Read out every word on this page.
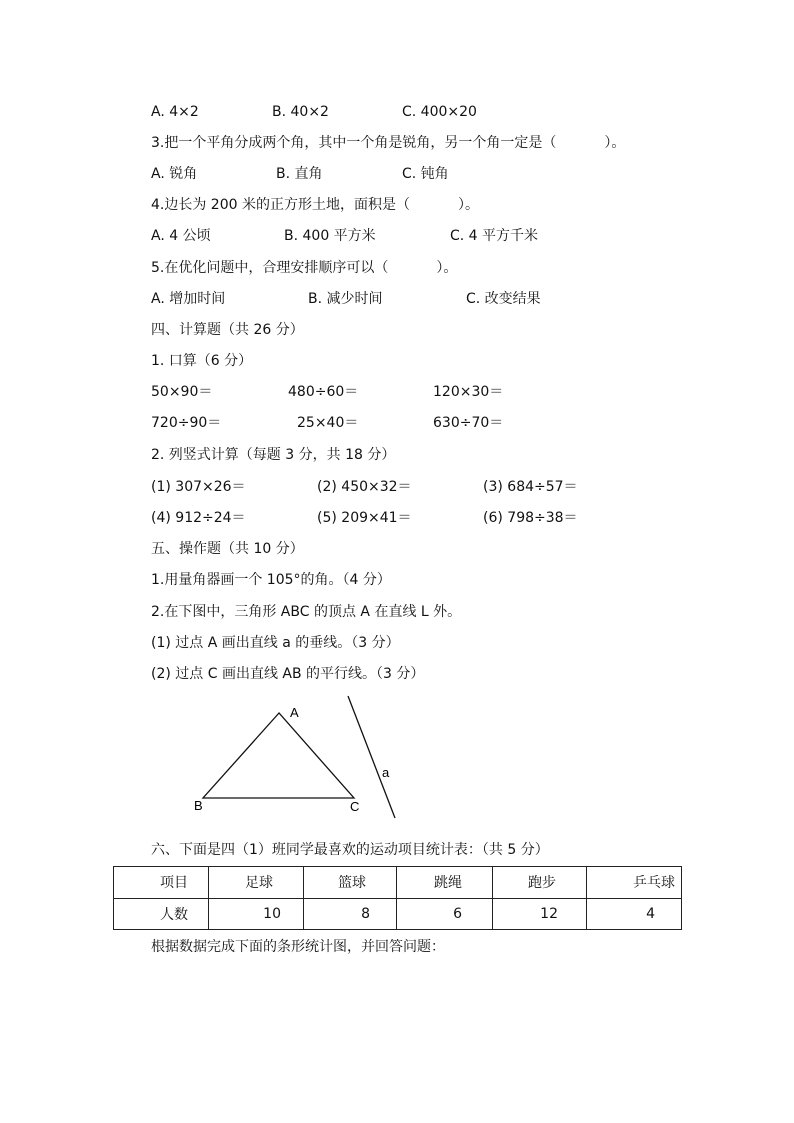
A. 4×2	B. 40×2	C. 400×20
3.把一个平角分成两个角，其中一个角是锐角，另一个角一定是（	）。
A. 锐角	B. 直角	C. 钝角
4.边长为 200 米的正方形土地，面积是（	）。
A. 4 公顷	B. 400 平方米	C. 4 平方千米
5.在优化问题中，合理安排顺序可以（	）。
A. 增加时间	B. 减少时间	C. 改变结果
四、计算题（共 26 分）
1. 口算（6 分）
50×90＝	480÷60＝	120×30＝
720÷90＝	25×40＝	630÷70＝
2. 列竖式计算（每题 3 分，共 18 分）
(1) 307×26＝	(2) 450×32＝	(3) 684÷57＝
(4) 912÷24＝	(5) 209×41＝	(6) 798÷38＝
五、操作题（共 10 分）
1.用量角器画一个 105°的角。（4 分）
2.在下图中，三角形 ABC 的顶点 A 在直线 L 外。
(1) 过点 A 画出直线 a 的垂线。（3 分）
(2) 过点 C 画出直线 AB 的平行线。（3 分）
A
B	C
a
六、下面是四（1）班同学最喜欢的运动项目统计表：（共 5 分）
项目	足球	篮球	跳绳	跑步	乒乓球
人数	10	8	6	12	4
根据数据完成下面的条形统计图，并回答问题：
